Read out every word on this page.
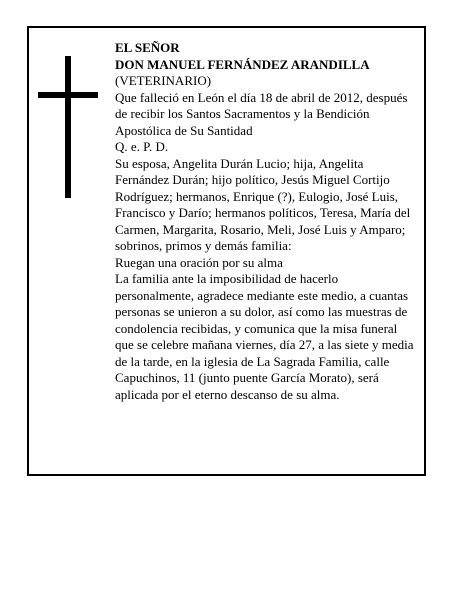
EL SEÑOR

DON MANUEL FERNÁNDEZ ARANDILLA

(VETERINARIO)

Que falleció en León el día 18 de abril de 2012, después de recibir los Santos Sacramentos y la Bendición Apostólica de Su Santidad

Q. e. P. D.

Su esposa, Angelita Durán Lucio; hija, Angelita Fernández Durán; hijo político, Jesús Miguel Cortijo Rodríguez; hermanos, Enrique (?), Eulogio, José Luis, Francisco y Darío; hermanos políticos, Teresa, María del Carmen, Margarita, Rosario, Meli, José Luis y Amparo; sobrinos, primos y demás familia:

Ruegan una oración por su alma

La familia ante la imposibilidad de hacerlo personalmente, agradece mediante este medio, a cuantas personas se unieron a su dolor, así como las muestras de condolencia recibidas, y comunica que la misa funeral que se celebre mañana viernes, día 27, a las siete y media de la tarde, en la iglesia de La Sagrada Familia, calle Capuchinos, 11 (junto puente García Morato), será aplicada por el eterno descanso de su alma.
